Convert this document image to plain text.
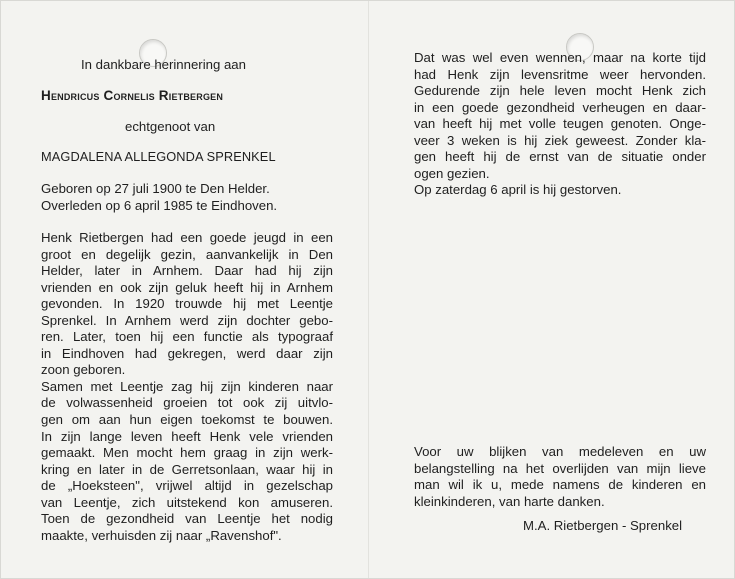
In dankbare herinnering aan
Hendricus Cornelis Rietbergen
echtgenoot van
MAGDALENA ALLEGONDA SPRENKEL
Geboren op 27 juli 1900 te Den Helder.
Overleden op 6 april 1985 te Eindhoven.
Henk Rietbergen had een goede jeugd in een
groot en degelijk gezin, aanvankelijk in Den
Helder, later in Arnhem. Daar had hij zijn
vrienden en ook zijn geluk heeft hij in Arnhem
gevonden. In 1920 trouwde hij met Leentje
Sprenkel. In Arnhem werd zijn dochter gebo-
ren. Later, toen hij een functie als typograaf
in Eindhoven had gekregen, werd daar zijn
zoon geboren.
Samen met Leentje zag hij zijn kinderen naar
de volwassenheid groeien tot ook zij uitvlo-
gen om aan hun eigen toekomst te bouwen.
In zijn lange leven heeft Henk vele vrienden
gemaakt. Men mocht hem graag in zijn werk-
kring en later in de Gerretsonlaan, waar hij in
de „Hoeksteen", vrijwel altijd in gezelschap
van Leentje, zich uitstekend kon amuseren.
Toen de gezondheid van Leentje het nodig
maakte, verhuisden zij naar „Ravenshof".
Dat was wel even wennen, maar na korte tijd
had Henk zijn levensritme weer hervonden.
Gedurende zijn hele leven mocht Henk zich
in een goede gezondheid verheugen en daar-
van heeft hij met volle teugen genoten. Onge-
veer 3 weken is hij ziek geweest. Zonder kla-
gen heeft hij de ernst van de situatie onder
ogen gezien.
Op zaterdag 6 april is hij gestorven.
Voor uw blijken van medeleven en uw
belangstelling na het overlijden van mijn lieve
man wil ik u, mede namens de kinderen en
kleinkinderen, van harte danken.
M.A. Rietbergen - Sprenkel
